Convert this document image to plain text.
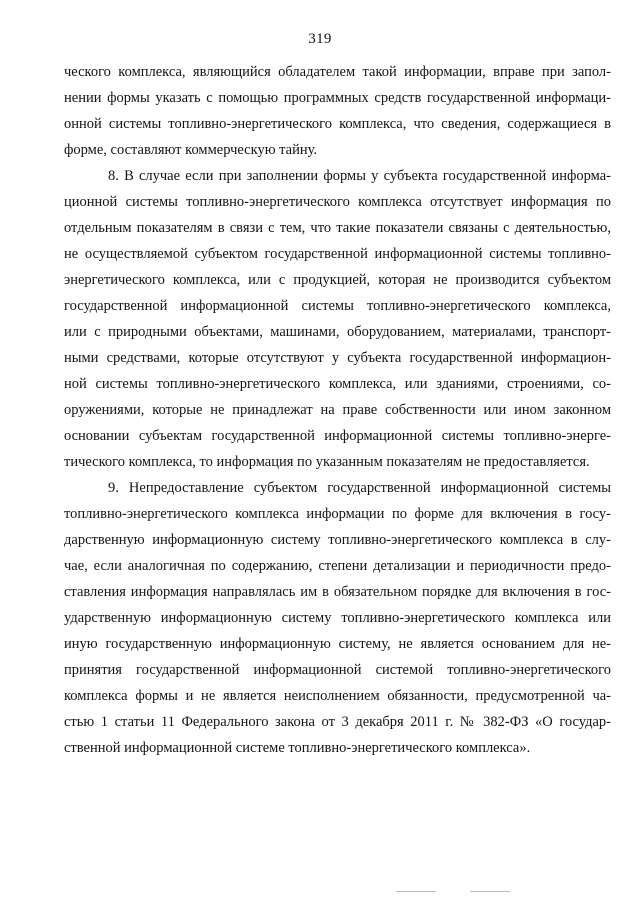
319
ческого комплекса, являющийся обладателем такой информации, вправе при запол-
нении формы указать с помощью программных средств государственной информаци-
онной системы топливно-энергетического комплекса, что сведения, содержащиеся в
форме, составляют коммерческую тайну.
8. В случае если при заполнении формы у субъекта государственной информа-
ционной системы топливно-энергетического комплекса отсутствует информация по
отдельным показателям в связи с тем, что такие показатели связаны с деятельностью,
не осуществляемой субъектом государственной информационной системы топливно-
энергетического комплекса, или с продукцией, которая не производится субъектом
государственной информационной системы топливно-энергетического комплекса,
или с природными объектами, машинами, оборудованием, материалами, транспорт-
ными средствами, которые отсутствуют у субъекта государственной информацион-
ной системы топливно-энергетического комплекса, или зданиями, строениями, со-
оружениями, которые не принадлежат на праве собственности или ином законном
основании субъектам государственной информационной системы топливно-энерге-
тического комплекса, то информация по указанным показателям не предоставляется.
9. Непредоставление субъектом государственной информационной системы
топливно-энергетического комплекса информации по форме для включения в госу-
дарственную информационную систему топливно-энергетического комплекса в слу-
чае, если аналогичная по содержанию, степени детализации и периодичности предо-
ставления информация направлялась им в обязательном порядке для включения в гос-
ударственную информационную систему топливно-энергетического комплекса или
иную государственную информационную систему, не является основанием для не-
принятия государственной информационной системой топливно-энергетического
комплекса формы и не является неисполнением обязанности, предусмотренной ча-
стью 1 статьи 11 Федерального закона от 3 декабря 2011 г. № 382-ФЗ «О государ-
ственной информационной системе топливно-энергетического комплекса».
